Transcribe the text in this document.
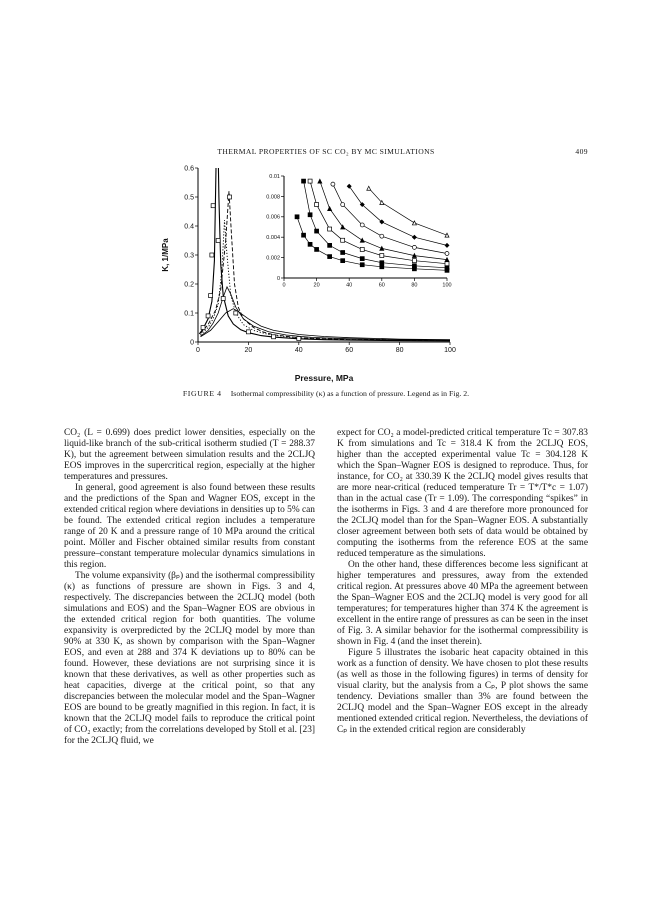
THERMAL PROPERTIES OF SC CO₂ BY MC SIMULATIONS	409
0	20	40	60	80	100
0
0.1
0.2
0.3
0.4
0.5
0.6
K, 1/MPa
0	20	40	60	80	100
0
0.002
0.004
0.006
0.008
0.01
Pressure, MPa
FIGURE 4 Isothermal compressibility (κ) as a function of pressure. Legend as in Fig. 2.

CO₂ (L = 0.699) does predict lower densities, especially on the liquid-like branch of the sub-critical isotherm studied (T = 288.37 K), but the agreement between simulation results and the 2CLJQ EOS improves in the supercritical region, especially at the higher temperatures and pressures.

In general, good agreement is also found between these results and the predictions of the Span and Wagner EOS, except in the extended critical region where deviations in densities up to 5% can be found. The extended critical region includes a temperature range of 20 K and a pressure range of 10 MPa around the critical point. Möller and Fischer obtained similar results from constant pressure–constant temperature molecular dynamics simulations in this region.

The volume expansivity (βₚ) and the isothermal compressibility (κ) as functions of pressure are shown in Figs. 3 and 4, respectively. The discrepancies between the 2CLJQ model (both simulations and EOS) and the Span–Wagner EOS are obvious in the extended critical region for both quantities. The volume expansivity is overpredicted by the 2CLJQ model by more than 90% at 330 K, as shown by comparison with the Span–Wagner EOS, and even at 288 and 374 K deviations up to 80% can be found. However, these deviations are not surprising since it is known that these derivatives, as well as other properties such as heat capacities, diverge at the critical point, so that any discrepancies between the molecular model and the Span–Wagner EOS are bound to be greatly magnified in this region. In fact, it is known that the 2CLJQ model fails to reproduce the critical point of CO₂ exactly; from the correlations developed by Stoll et al. [23] for the 2CLJQ fluid, we

expect for CO₂ a model-predicted critical temperature Tc = 307.83 K from simulations and Tc = 318.4 K from the 2CLJQ EOS, higher than the accepted experimental value Tc = 304.128 K which the Span–Wagner EOS is designed to reproduce. Thus, for instance, for CO₂ at 330.39 K the 2CLJQ model gives results that are more near-critical (reduced temperature Tr = T*/T*c = 1.07) than in the actual case (Tr = 1.09). The corresponding “spikes” in the isotherms in Figs. 3 and 4 are therefore more pronounced for the 2CLJQ model than for the Span–Wagner EOS. A substantially closer agreement between both sets of data would be obtained by computing the isotherms from the reference EOS at the same reduced temperature as the simulations.

On the other hand, these differences become less significant at higher temperatures and pressures, away from the extended critical region. At pressures above 40 MPa the agreement between the Span–Wagner EOS and the 2CLJQ model is very good for all temperatures; for temperatures higher than 374 K the agreement is excellent in the entire range of pressures as can be seen in the inset of Fig. 3. A similar behavior for the isothermal compressibility is shown in Fig. 4 (and the inset therein).

Figure 5 illustrates the isobaric heat capacity obtained in this work as a function of density. We have chosen to plot these results (as well as those in the following figures) in terms of density for visual clarity, but the analysis from a Cₚ, P plot shows the same tendency. Deviations smaller than 3% are found between the 2CLJQ model and the Span–Wagner EOS except in the already mentioned extended critical region. Nevertheless, the deviations of Cₚ in the extended critical region are considerably
